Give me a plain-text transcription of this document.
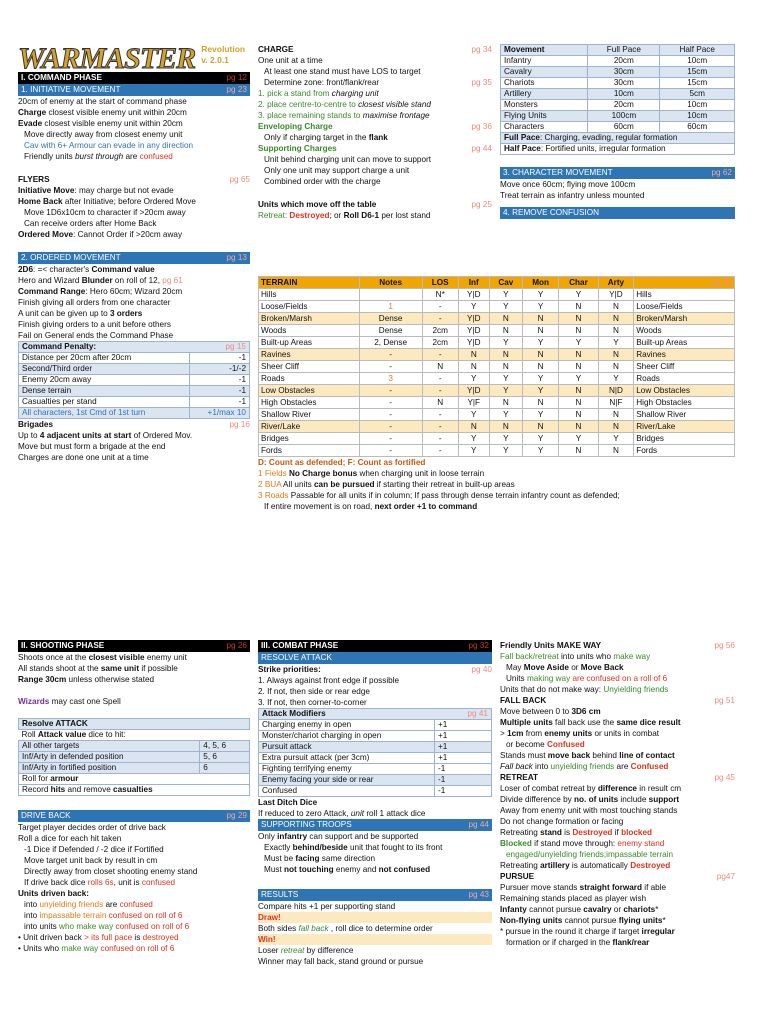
WARMASTER Revolution
v. 2.0.1
I. COMMAND PHASE	pg 12
1. INITIATIVE MOVEMENT	pg 23
20cm of enemy at the start of command phase
Charge closest visible enemy unit within 20cm
Evade closest visible enemy unit within 20cm
Move directly away from closest enemy unit
Cav with 6+ Armour can evade in any direction
Friendly units burst through are confused
FLYERS	pg 65
Initiative Move: may charge but not evade
Home Back after Initiative; before Ordered Move
Move 1D6x10cm to character if >20cm away
Can receive orders after Home Back
Ordered Move: Cannot Order if >20cm away
2. ORDERED MOVEMENT	pg 13
2D6: =< character's Command value
Hero and Wizard Blunder on roll of 12, pg 61
Command Range: Hero 60cm; Wizard 20cm
Finish giving all orders from one character
A unit can be given up to 3 orders
Finish giving orders to a unit before others
Fail on General ends the Command Phase
Command Penalty: pg 15	

Distance per 20cm after 20cm	-1
Second/Third order	-1/-2
Enemy 20cm away	-1
Dense terrain	-1
Casualties per stand	-1
All characters, 1st Cmd of 1st turn	+1/max 10
Brigades	pg 16
Up to 4 adjacent units at start of Ordered Mov.
Move but must form a brigade at the end
Charges are done one unit at a time
CHARGE	pg 34
One unit at a time
At least one stand must have LOS to target
Determine zone: front/flank/rear	pg 35
1. pick a stand from charging unit
2. place centre-to-centre to closest visible stand
3. place remaining stands to maximise frontage
Enveloping Charge	pg 36
Only if charging target in the flank
Supporting Charges	pg 44
Unit behind charging unit can move to support
Only one unit may support charge a unit
Combined order with the charge
Units which move off the table	pg 25
Retreat: Destroyed; or Roll D6-1 per lost stand
Movement	Full Pace	Half Pace
Infantry	20cm	10cm
Cavalry	30cm	15cm
Chariots	30cm	15cm
Artillery	10cm	5cm
Monsters	20cm	10cm
Flying Units	100cm	10cm
Characters	60cm	60cm
Full Pace: Charging, evading, regular formation		
Half Pace: Fortified units, irregular formation		
3. CHARACTER MOVEMENT	pg 62
Move once 60cm; flying move 100cm
Treat terrain as infantry unless mounted
4. REMOVE CONFUSION
TERRAIN	Notes	LOS	Inf	Cav	Mon	Char	Arty	pg 80
Hills		N*	Y|D	Y	Y	Y	Y|D	Hills
Loose/Fields	1	-	Y	Y	Y	N	N	Loose/Fields
Broken/Marsh	Dense	-	Y|D	N	N	N	N	Broken/Marsh
Woods	Dense	2cm	Y|D	N	N	N	N	Woods
Built-up Areas	2, Dense	2cm	Y|D	Y	Y	Y	Y	Built-up Areas
Ravines	-	-	N	N	N	N	N	Ravines
Sheer Cliff	-	N	N	N	N	N	N	Sheer Cliff
Roads	3	-	Y	Y	Y	Y	Y	Roads
Low Obstacles	-	-	Y|D	Y	Y	N	N|D	Low Obstacles
High Obstacles	-	N	Y|F	N	N	N	N|F	High Obstacles
Shallow River	-	-	Y	Y	Y	N	N	Shallow River
River/Lake	-	-	N	N	N	N	N	River/Lake
Bridges	-	-	Y	Y	Y	Y	Y	Bridges
Fords	-	-	Y	Y	Y	N	N	Fords
D: Count as defended; F: Count as fortified
1 Fields No Charge bonus when charging unit in loose terrain
2 BUA All units can be pursued if starting their retreat in built-up areas
3 Roads Passable for all units if in column; If pass through dense terrain infantry count as defended;
If entire movement is on road, next order +1 to command
II. SHOOTING PHASE	pg 26
Shoots once at the closest visible enemy unit
All stands shoot at the same unit if possible
Range 30cm unless otherwise stated
Wizards may cast one Spell
Resolve ATTACK	
Roll Attack value dice to hit:	
All other targets	4, 5, 6
Inf/Arty in defended position	5, 6
Inf/Arty in fortified position	6
Roll for armour	
Record hits and remove casualties	
DRIVE BACK	pg 29
Target player decides order of drive back
Roll a dice for each hit taken
-1 Dice if Defended / -2 dice if Fortified
Move target unit back by result in cm
Directly away from closet shooting enemy stand
If drive back dice rolls 6s, unit is confused
Units driven back:
into unyielding friends are confused
into impassable terrain confused on roll of 6
into units who make way confused on roll of 6
• Unit driven back > its full pace is destroyed
• Units who make way confused on roll of 6
III. COMBAT PHASE	pg 32
RESOLVE ATTACK
Strike priorities:	pg 40
1. Always against front edge if possible
2. If not, then side or rear edge
3. If not, then corner-to-corner
Attack Modifiers pg 41	

Charging enemy in open	+1
Monster/chariot charging in open	+1
Pursuit attack	+1
Extra pursuit attack (per 3cm)	+1
Fighting terrifying enemy	-1
Enemy facing your side or rear	-1
Confused	-1
Last Ditch Dice
If reduced to zero Attack, unit roll 1 attack dice
SUPPORTING TROOPS	pg 44
Only infantry can support and be supported
Exactly behind/beside unit that fought to its front
Must be facing same direction
Must not touching enemy and not confused
RESULTS	pg 43
Compare hits +1 per supporting stand
Draw!
Both sides fall back , roll dice to determine order
Win!
Loser retreat by difference
Winner may fall back, stand ground or pursue
Friendly Units MAKE WAY	pg 56
Fall back/retreat into units who make way
May Move Aside or Move Back
Units making way are confused on a roll of 6
Units that do not make way: Unyielding friends
FALL BACK	pg 51
Move between 0 to 3D6 cm
Multiple units fall back use the same dice result
> 1cm from enemy units or units in combat
or become Confused
Stands must move back behind line of contact
Fall back into unyielding friends are Confused
RETREAT	pg 45
Loser of combat retreat by difference in result cm
Divide difference by no. of units include support
Away from enemy unit with most touching stands
Do not change formation or facing
Retreating stand is Destroyed if blocked
Blocked if stand move through: enemy stand
engaged/unyielding friends;impassable terrain
Retreating artillery is automatically Destroyed
PURSUE	pg47
Pursuer move stands straight forward if able
Remaining stands placed as player wish
Infanty cannot pursue cavalry or chariots*
Non-flying units cannot pursue flying units*
* pursue in the round it charge if target irregular
formation or if charged in the flank/rear
